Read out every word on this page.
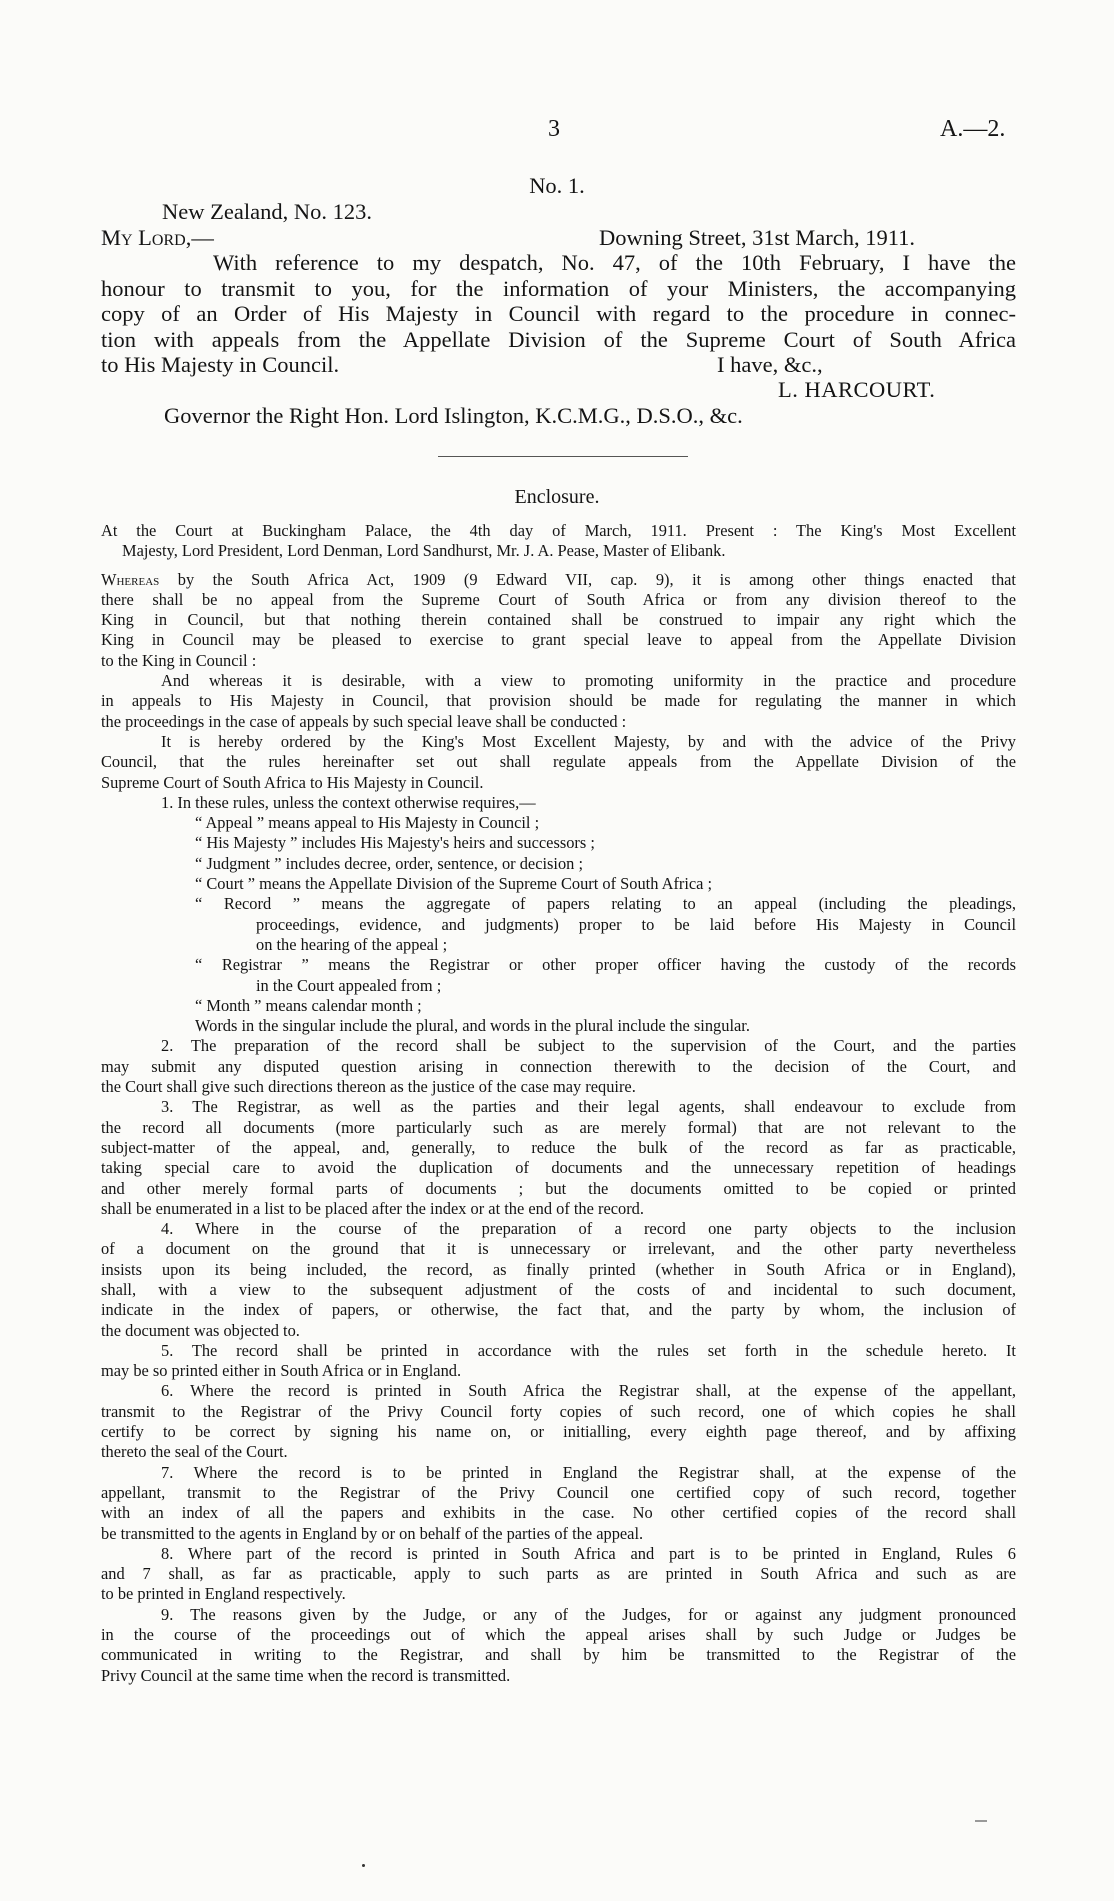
3	A.—2.
No. 1.
New Zealand, No. 123.
My Lord,—	Downing Street, 31st March, 1911.

With reference to my despatch, No. 47, of the 10th February, I have the

honour to transmit to you, for the information of your Ministers, the accompanying

copy of an Order of His Majesty in Council with regard to the procedure in connec-

tion with appeals from the Appellate Division of the Supreme Court of South Africa

to His Majesty in Council.	I have, &c.,

L. HARCOURT.
Governor the Right Hon. Lord Islington, K.C.M.G., D.S.O., &c.
Enclosure.

At the Court at Buckingham Palace, the 4th day of March, 1911. Present : The King's Most Excellent

Majesty, Lord President, Lord Denman, Lord Sandhurst, Mr. J. A. Pease, Master of Elibank.

Whereas by the South Africa Act, 1909 (9 Edward VII, cap. 9), it is among other things enacted that

there shall be no appeal from the Supreme Court of South Africa or from any division thereof to the

King in Council, but that nothing therein contained shall be construed to impair any right which the

King in Council may be pleased to exercise to grant special leave to appeal from the Appellate Division

to the King in Council :

And whereas it is desirable, with a view to promoting uniformity in the practice and procedure

in appeals to His Majesty in Council, that provision should be made for regulating the manner in which

the proceedings in the case of appeals by such special leave shall be conducted :

It is hereby ordered by the King's Most Excellent Majesty, by and with the advice of the Privy

Council, that the rules hereinafter set out shall regulate appeals from the Appellate Division of the

Supreme Court of South Africa to His Majesty in Council.

1. In these rules, unless the context otherwise requires,—

“ Appeal ” means appeal to His Majesty in Council ;

“ His Majesty ” includes His Majesty's heirs and successors ;

“ Judgment ” includes decree, order, sentence, or decision ;

“ Court ” means the Appellate Division of the Supreme Court of South Africa ;

“ Record ” means the aggregate of papers relating to an appeal (including the pleadings,

proceedings, evidence, and judgments) proper to be laid before His Majesty in Council

on the hearing of the appeal ;

“ Registrar ” means the Registrar or other proper officer having the custody of the records

in the Court appealed from ;

“ Month ” means calendar month ;

Words in the singular include the plural, and words in the plural include the singular.

2. The preparation of the record shall be subject to the supervision of the Court, and the parties

may submit any disputed question arising in connection therewith to the decision of the Court, and

the Court shall give such directions thereon as the justice of the case may require.

3. The Registrar, as well as the parties and their legal agents, shall endeavour to exclude from

the record all documents (more particularly such as are merely formal) that are not relevant to the

subject-matter of the appeal, and, generally, to reduce the bulk of the record as far as practicable,

taking special care to avoid the duplication of documents and the unnecessary repetition of headings

and other merely formal parts of documents ; but the documents omitted to be copied or printed

shall be enumerated in a list to be placed after the index or at the end of the record.

4. Where in the course of the preparation of a record one party objects to the inclusion

of a document on the ground that it is unnecessary or irrelevant, and the other party nevertheless

insists upon its being included, the record, as finally printed (whether in South Africa or in England),

shall, with a view to the subsequent adjustment of the costs of and incidental to such document,

indicate in the index of papers, or otherwise, the fact that, and the party by whom, the inclusion of

the document was objected to.

5. The record shall be printed in accordance with the rules set forth in the schedule hereto. It

may be so printed either in South Africa or in England.

6. Where the record is printed in South Africa the Registrar shall, at the expense of the appellant,

transmit to the Registrar of the Privy Council forty copies of such record, one of which copies he shall

certify to be correct by signing his name on, or initialling, every eighth page thereof, and by affixing

thereto the seal of the Court.

7. Where the record is to be printed in England the Registrar shall, at the expense of the

appellant, transmit to the Registrar of the Privy Council one certified copy of such record, together

with an index of all the papers and exhibits in the case. No other certified copies of the record shall

be transmitted to the agents in England by or on behalf of the parties of the appeal.

8. Where part of the record is printed in South Africa and part is to be printed in England, Rules 6

and 7 shall, as far as practicable, apply to such parts as are printed in South Africa and such as are

to be printed in England respectively.

9. The reasons given by the Judge, or any of the Judges, for or against any judgment pronounced

in the course of the proceedings out of which the appeal arises shall by such Judge or Judges be

communicated in writing to the Registrar, and shall by him be transmitted to the Registrar of the

Privy Council at the same time when the record is transmitted.
